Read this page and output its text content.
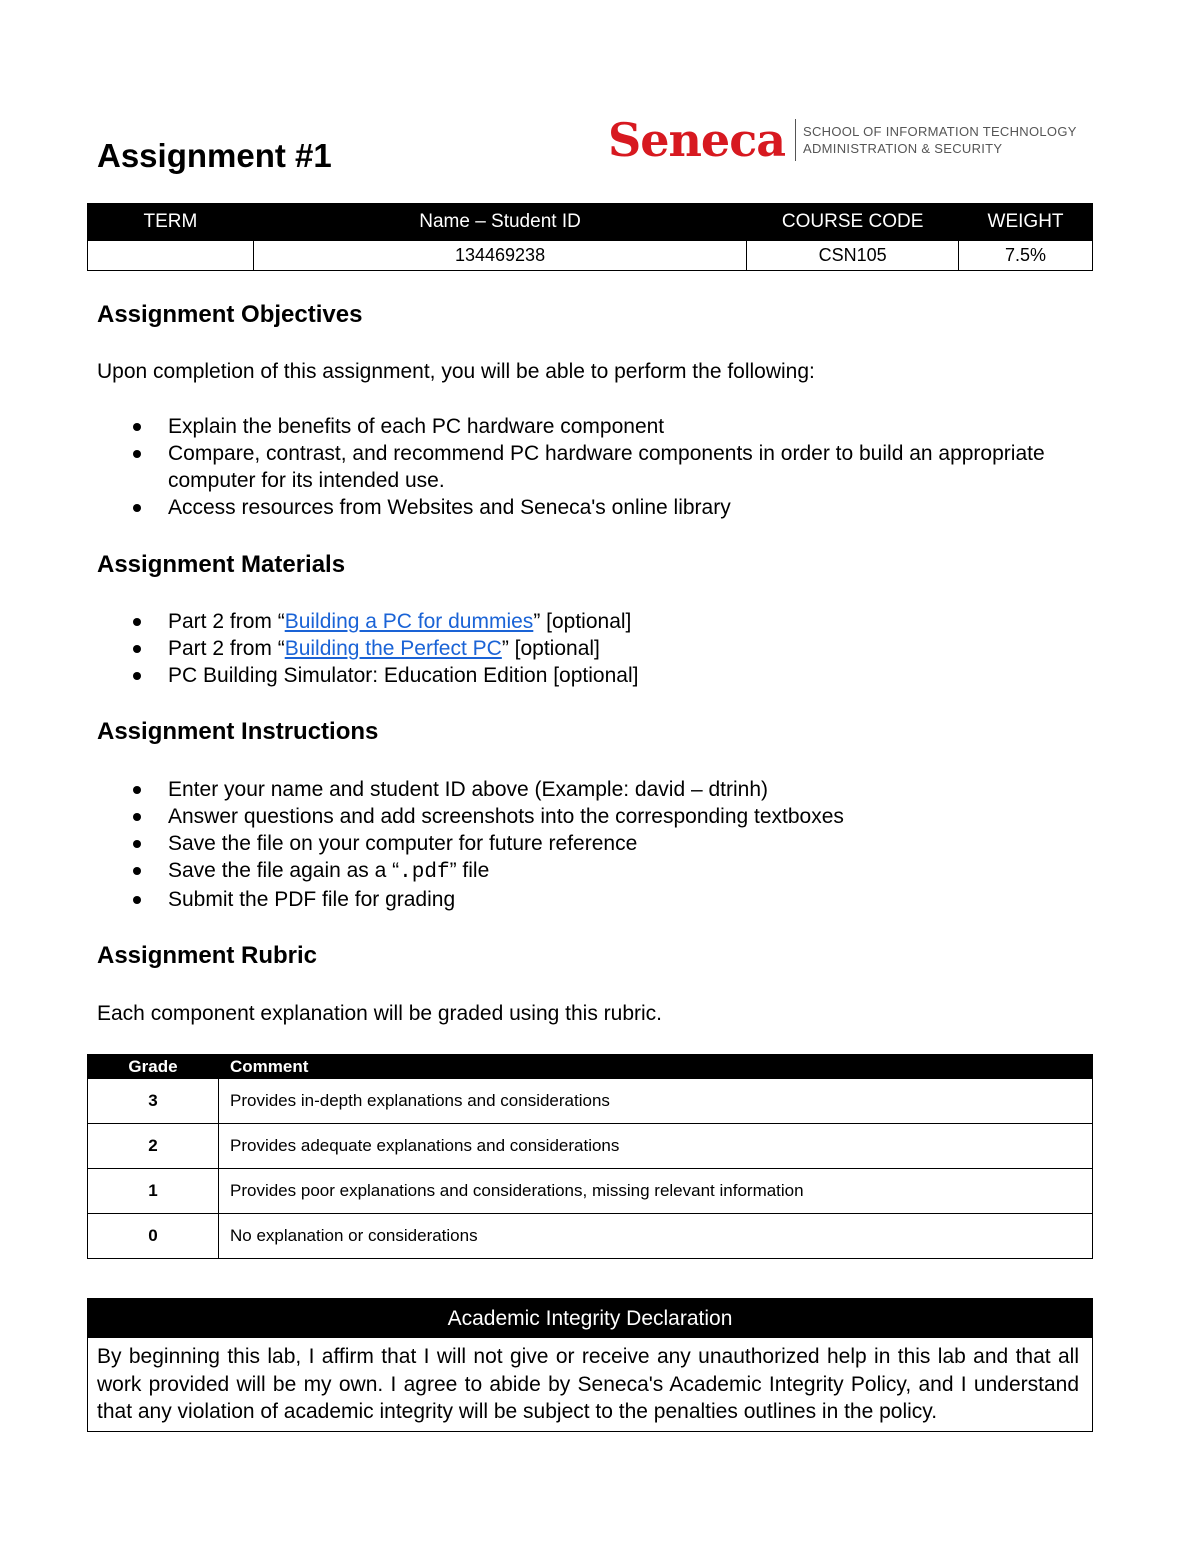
Assignment #1	Seneca SCHOOL OF INFORMATION TECHNOLOGY
ADMINISTRATION & SECURITY
TERM	Name – Student ID	COURSE CODE	WEIGHT
	134469238	CSN105	7.5%
Assignment Objectives

Upon completion of this assignment, you will be able to perform the following:

Explain the benefits of each PC hardware component
Compare, contrast, and recommend PC hardware components in order to build an appropriate computer for its intended use.
Access resources from Websites and Seneca's online library
Assignment Materials
Part 2 from “Building a PC for dummies” [optional]
Part 2 from “Building the Perfect PC” [optional]
PC Building Simulator: Education Edition [optional]
Assignment Instructions
Enter your name and student ID above (Example: david – dtrinh)
Answer questions and add screenshots into the corresponding textboxes
Save the file on your computer for future reference
Save the file again as a “.pdf” file
Submit the PDF file for grading
Assignment Rubric

Each component explanation will be graded using this rubric.

Grade	Comment
3	Provides in-depth explanations and considerations
2	Provides adequate explanations and considerations
1	Provides poor explanations and considerations, missing relevant information
0	No explanation or considerations
Academic Integrity Declaration
By beginning this lab, I affirm that I will not give or receive any unauthorized help in this lab and that all work provided will be my own. I agree to abide by Seneca's Academic Integrity Policy, and I understand that any violation of academic integrity will be subject to the penalties outlines in the policy.
